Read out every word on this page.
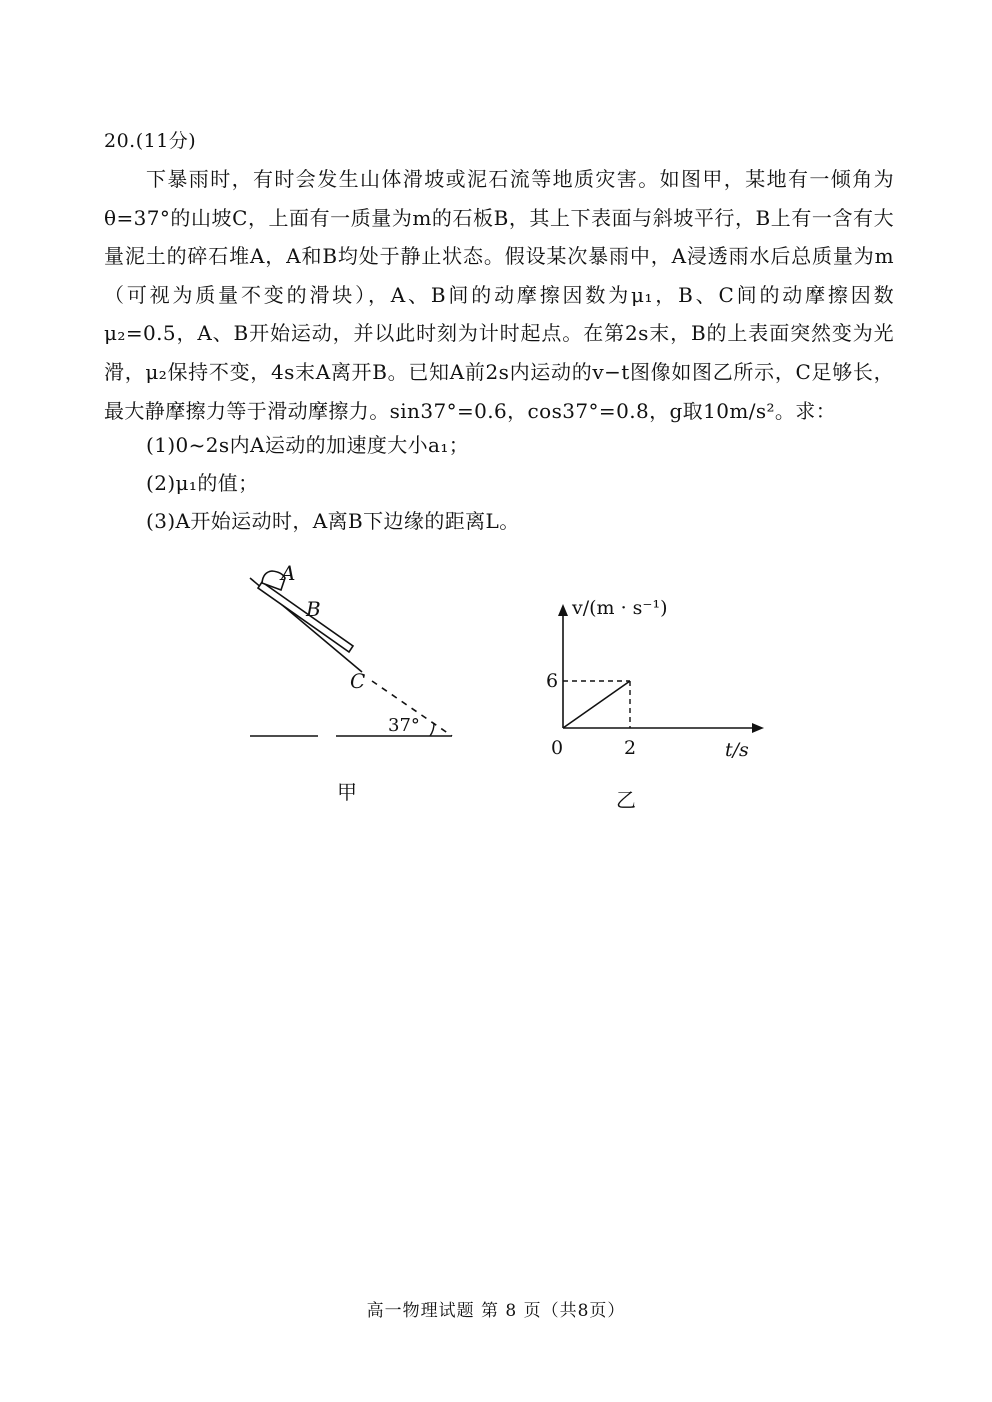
20.(11分)
下暴雨时，有时会发生山体滑坡或泥石流等地质灾害。如图甲，某地有一倾角为θ=37°的山坡C，上面有一质量为m的石板B，其上下表面与斜坡平行，B上有一含有大量泥土的碎石堆A，A和B均处于静止状态。假设某次暴雨中，A浸透雨水后总质量为m（可视为质量不变的滑块），A、B间的动摩擦因数为μ₁，B、C间的动摩擦因数μ₂=0.5，A、B开始运动，并以此时刻为计时起点。在第2s末，B的上表面突然变为光滑，μ₂保持不变，4s末A离开B。已知A前2s内运动的v−t图像如图乙所示，C足够长，最大静摩擦力等于滑动摩擦力。sin37°=0.6，cos37°=0.8，g取10m/s²。求：
(1)0~2s内A运动的加速度大小a₁；
(2)μ₁的值；
(3)A开始运动时，A离B下边缘的距离L。
A
B
C
37°
v/(m · s⁻¹)
t/s
0
6
2
甲	乙
高一物理试题 第 8 页（共8页）
